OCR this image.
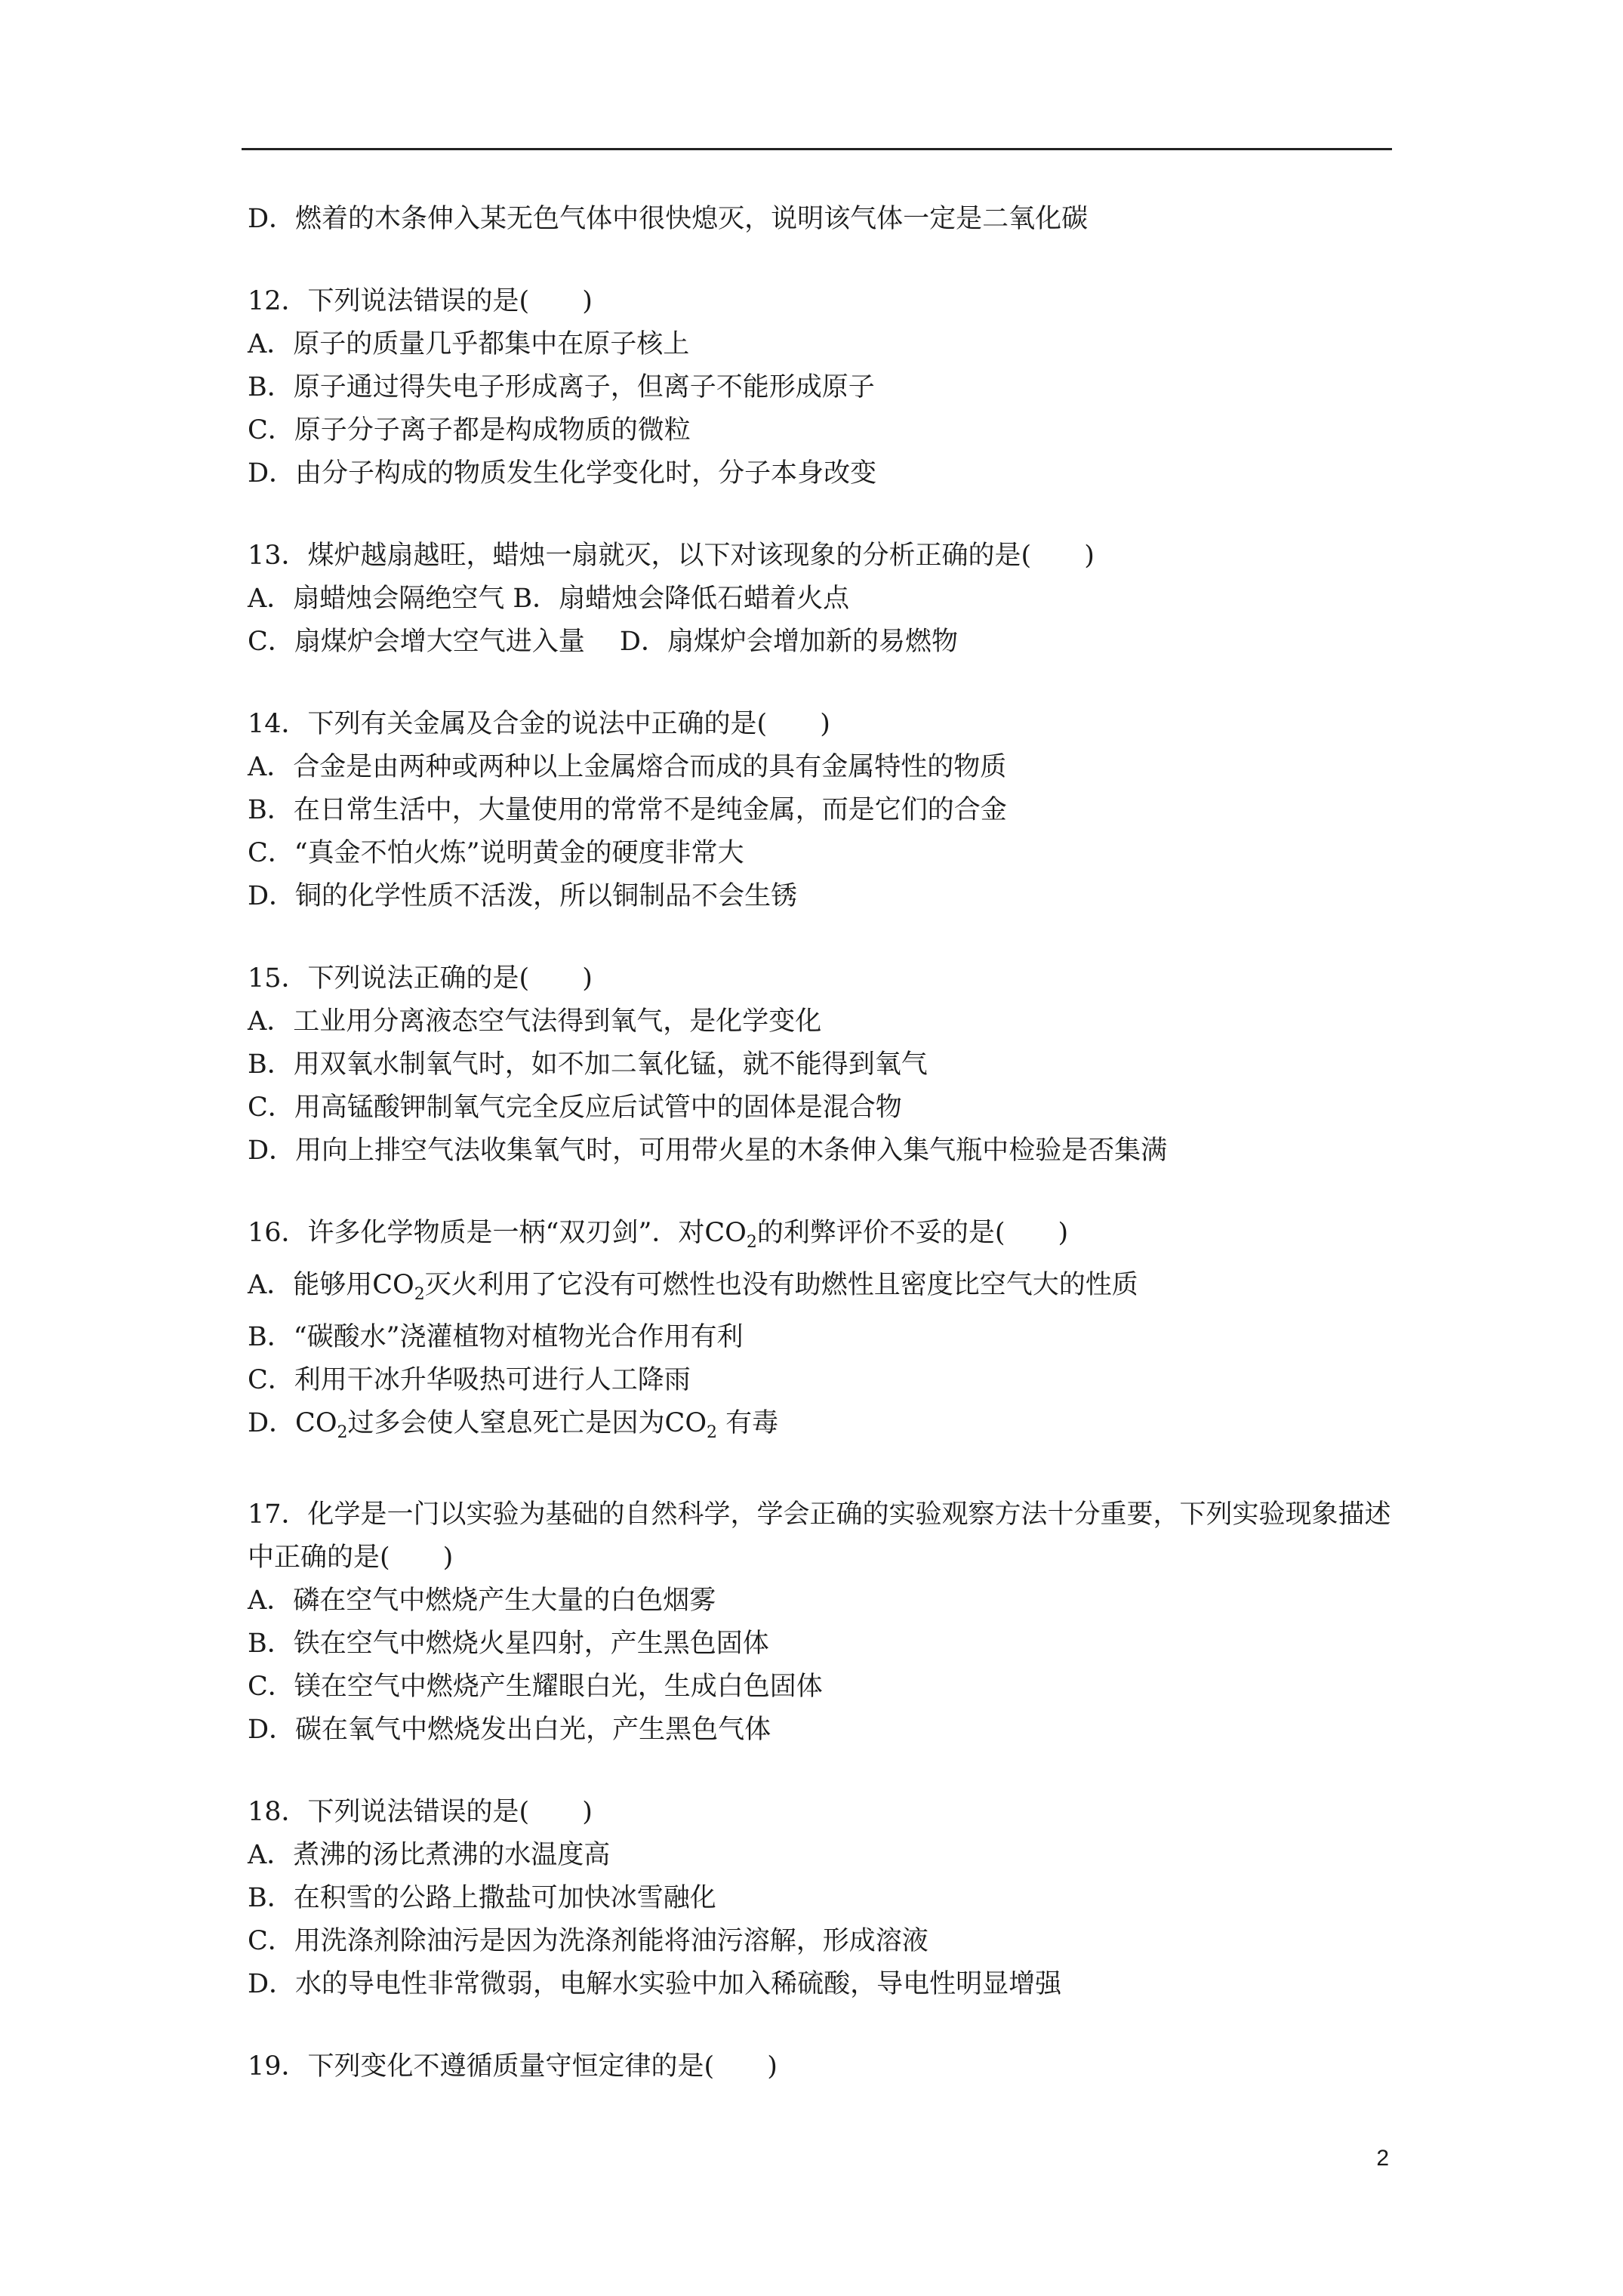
D．燃着的木条伸入某无色气体中很快熄灭，说明该气体一定是二氧化碳
12．下列说法错误的是(　　)
A．原子的质量几乎都集中在原子核上
B．原子通过得失电子形成离子，但离子不能形成原子
C．原子分子离子都是构成物质的微粒
D．由分子构成的物质发生化学变化时，分子本身改变
13．煤炉越扇越旺，蜡烛一扇就灭，以下对该现象的分析正确的是(　　)
A．扇蜡烛会隔绝空气 B．扇蜡烛会降低石蜡着火点
C．扇煤炉会增大空气进入量　 D．扇煤炉会增加新的易燃物
14．下列有关金属及合金的说法中正确的是(　　)
A．合金是由两种或两种以上金属熔合而成的具有金属特性的物质
B．在日常生活中，大量使用的常常不是纯金属，而是它们的合金
C．“真金不怕火炼”说明黄金的硬度非常大
D．铜的化学性质不活泼，所以铜制品不会生锈
15．下列说法正确的是(　　)
A．工业用分离液态空气法得到氧气，是化学变化
B．用双氧水制氧气时，如不加二氧化锰，就不能得到氧气
C．用高锰酸钾制氧气完全反应后试管中的固体是混合物
D．用向上排空气法收集氧气时，可用带火星的木条伸入集气瓶中检验是否集满
16．许多化学物质是一柄“双刃剑”．对$CO_2$的利弊评价不妥的是(　　)
A．能够用$CO_2$灭火利用了它没有可燃性也没有助燃性且密度比空气大的性质
B．“碳酸水”浇灌植物对植物光合作用有利
C．利用干冰升华吸热可进行人工降雨
D．$CO_2$过多会使人窒息死亡是因为$CO_2$ 有毒
17．化学是一门以实验为基础的自然科学，学会正确的实验观察方法十分重要，下列实验现象描述中正确的是(　　)
A．磷在空气中燃烧产生大量的白色烟雾
B．铁在空气中燃烧火星四射，产生黑色固体
C．镁在空气中燃烧产生耀眼白光，生成白色固体
D．碳在氧气中燃烧发出白光，产生黑色气体
18．下列说法错误的是(　　)
A．煮沸的汤比煮沸的水温度高
B．在积雪的公路上撒盐可加快冰雪融化
C．用洗涤剂除油污是因为洗涤剂能将油污溶解，形成溶液
D．水的导电性非常微弱，电解水实验中加入稀硫酸，导电性明显增强
19．下列变化不遵循质量守恒定律的是(　　)
2
